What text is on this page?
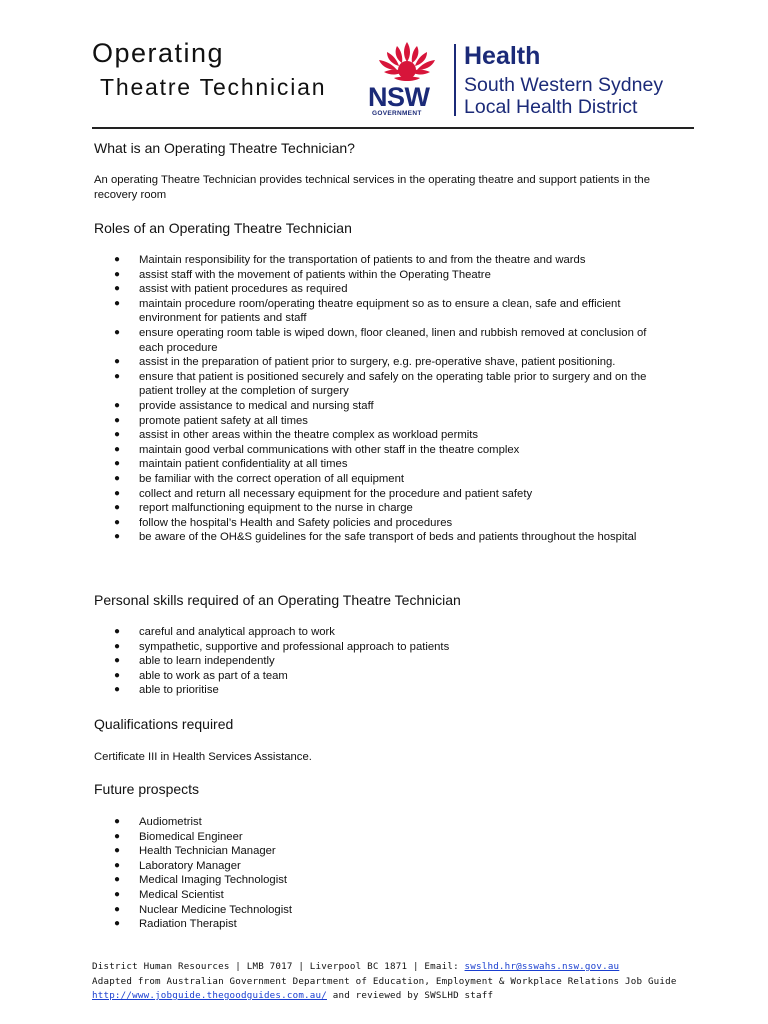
Operating
Theatre Technician NSW
GOVERNMENT
Health
South Western Sydney
Local Health District
What is an Operating Theatre Technician?
An operating Theatre Technician provides technical services in the operating theatre and support patients in the recovery room
Roles of an Operating Theatre Technician
● Maintain responsibility for the transportation of patients to and from the theatre and wards
● assist staff with the movement of patients within the Operating Theatre
● assist with patient procedures as required
● maintain procedure room/operating theatre equipment so as to ensure a clean, safe and efficient environment for patients and staff
● ensure operating room table is wiped down, floor cleaned, linen and rubbish removed at conclusion of each procedure
● assist in the preparation of patient prior to surgery, e.g. pre-operative shave, patient positioning.
● ensure that patient is positioned securely and safely on the operating table prior to surgery and on the patient trolley at the completion of surgery
● provide assistance to medical and nursing staff
● promote patient safety at all times
● assist in other areas within the theatre complex as workload permits
● maintain good verbal communications with other staff in the theatre complex
● maintain patient confidentiality at all times
● be familiar with the correct operation of all equipment
● collect and return all necessary equipment for the procedure and patient safety
● report malfunctioning equipment to the nurse in charge
● follow the hospital’s Health and Safety policies and procedures
● be aware of the OH&S guidelines for the safe transport of beds and patients throughout the hospital
Personal skills required of an Operating Theatre Technician
● careful and analytical approach to work
● sympathetic, supportive and professional approach to patients
● able to learn independently
● able to work as part of a team
● able to prioritise
Qualifications required
Certificate III in Health Services Assistance.
Future prospects
● Audiometrist
● Biomedical Engineer
● Health Technician Manager
● Laboratory Manager
● Medical Imaging Technologist
● Medical Scientist
● Nuclear Medicine Technologist
● Radiation Therapist
District Human Resources | LMB 7017 | Liverpool BC 1871 | Email: swslhd.hr@sswahs.nsw.gov.au
Adapted from Australian Government Department of Education, Employment & Workplace Relations Job Guide
http://www.jobguide.thegoodguides.com.au/ and reviewed by SWSLHD staff
